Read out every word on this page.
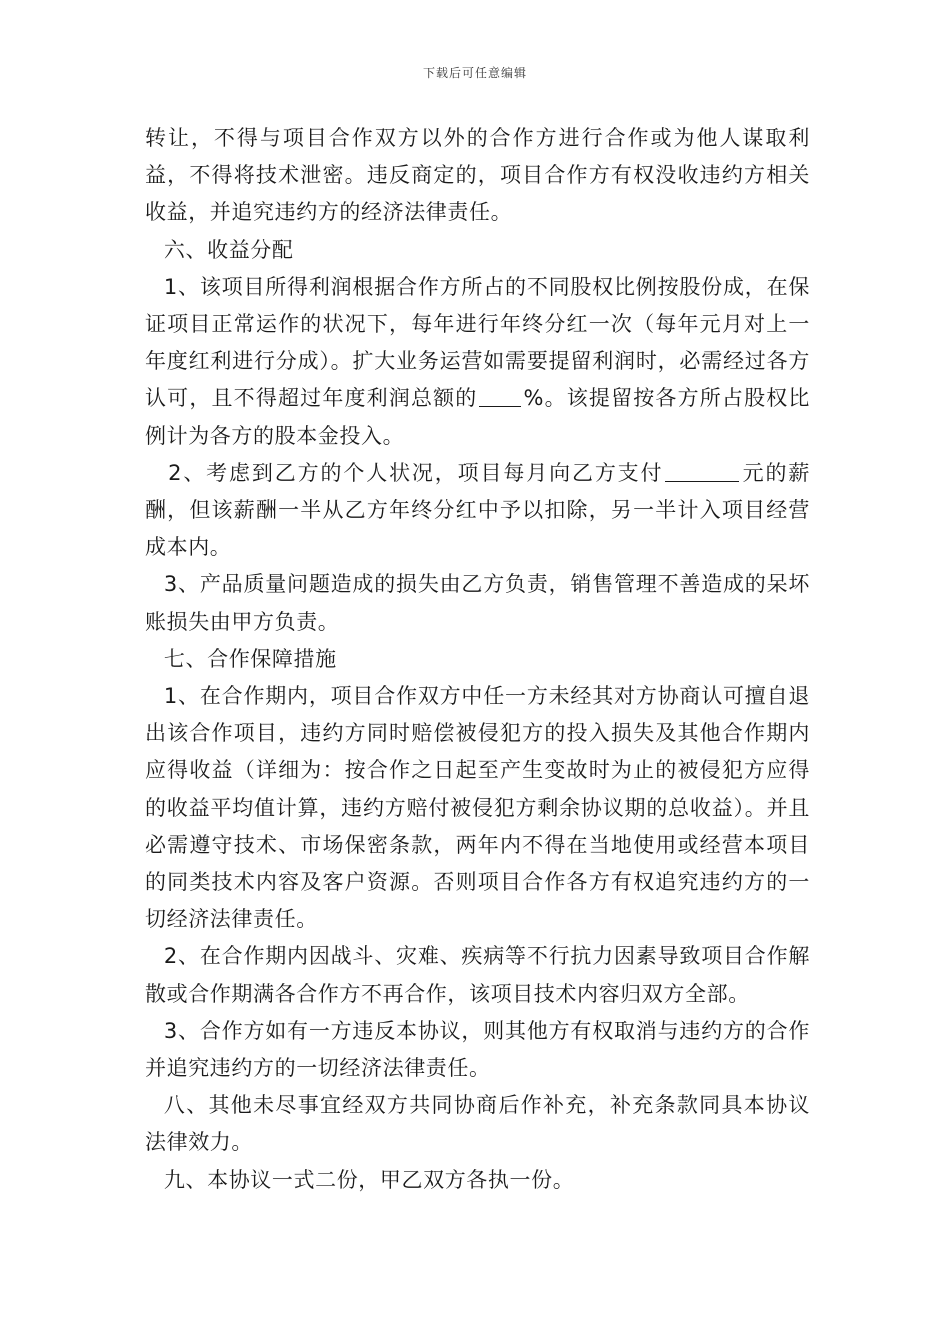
下载后可任意编辑

转让，不得与项目合作双方以外的合作方进行合作或为他人谋取利益，不得将技术泄密。违反商定的，项目合作方有权没收违约方相关收益，并追究违约方的经济法律责任。

六、收益分配

1、该项目所得利润根据合作方所占的不同股权比例按股份成，在保证项目正常运作的状况下，每年进行年终分红一次（每年元月对上一年度红利进行分成）。扩大业务运营如需要提留利润时，必需经过各方认可，且不得超过年度利润总额的 %。该提留按各方所占股权比例计为各方的股本金投入。

2、考虑到乙方的个人状况，项目每月向乙方支付	元的薪酬，但该薪酬一半从乙方年终分红中予以扣除，另一半计入项目经营成本内。

3、产品质量问题造成的损失由乙方负责，销售管理不善造成的呆坏账损失由甲方负责。

七、合作保障措施

1、在合作期内，项目合作双方中任一方未经其对方协商认可擅自退出该合作项目，违约方同时赔偿被侵犯方的投入损失及其他合作期内应得收益（详细为：按合作之日起至产生变故时为止的被侵犯方应得的收益平均值计算，违约方赔付被侵犯方剩余协议期的总收益）。并且必需遵守技术、市场保密条款，两年内不得在当地使用或经营本项目的同类技术内容及客户资源。否则项目合作各方有权追究违约方的一切经济法律责任。

2、在合作期内因战斗、灾难、疾病等不行抗力因素导致项目合作解散或合作期满各合作方不再合作，该项目技术内容归双方全部。

3、合作方如有一方违反本协议，则其他方有权取消与违约方的合作并追究违约方的一切经济法律责任。

八、其他未尽事宜经双方共同协商后作补充，补充条款同具本协议法律效力。

九、本协议一式二份，甲乙双方各执一份。
